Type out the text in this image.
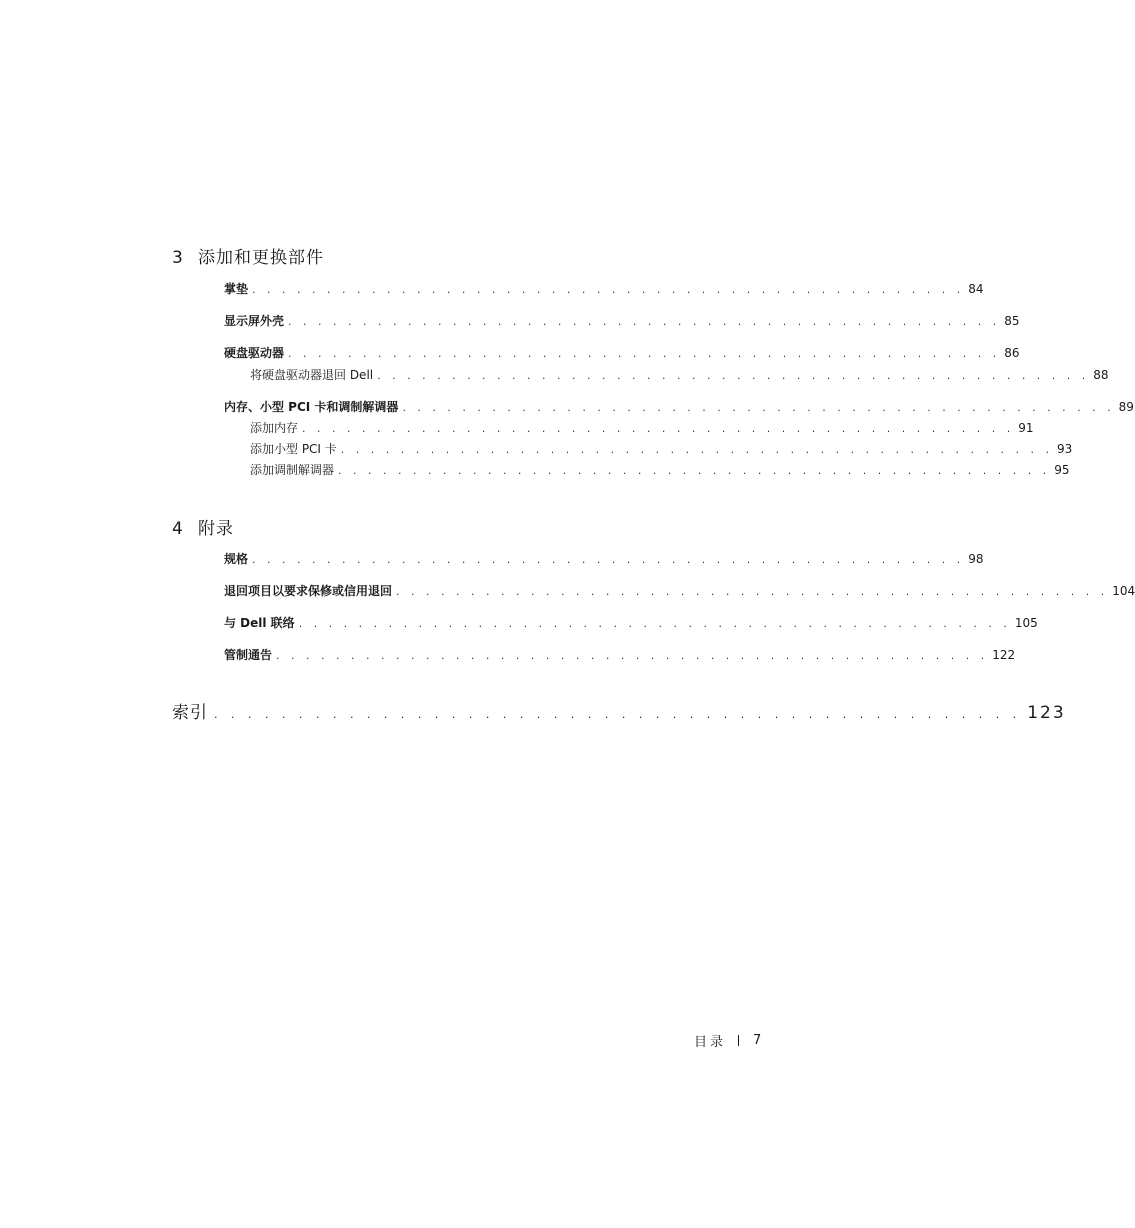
3 添加和更换部件
掌垫 . . . . . . . . . . . . . . . . . . . . . . . . . . . . . . . . . . . . . . . . . . . . . . . . 84
显示屏外壳 . . . . . . . . . . . . . . . . . . . . . . . . . . . . . . . . . . . . . . . . . . . . . . . . 85
硬盘驱动器 . . . . . . . . . . . . . . . . . . . . . . . . . . . . . . . . . . . . . . . . . . . . . . . . 86
将硬盘驱动器退回 Dell . . . . . . . . . . . . . . . . . . . . . . . . . . . . . . . . . . . . . . . . . . . . . . . . 88
内存、小型 PCI 卡和调制解调器 . . . . . . . . . . . . . . . . . . . . . . . . . . . . . . . . . . . . . . . . . . . . . . . . 89
添加内存 . . . . . . . . . . . . . . . . . . . . . . . . . . . . . . . . . . . . . . . . . . . . . . . . 91
添加小型 PCI 卡 . . . . . . . . . . . . . . . . . . . . . . . . . . . . . . . . . . . . . . . . . . . . . . . . 93
添加调制解调器 . . . . . . . . . . . . . . . . . . . . . . . . . . . . . . . . . . . . . . . . . . . . . . . . 95
4 附录
规格 . . . . . . . . . . . . . . . . . . . . . . . . . . . . . . . . . . . . . . . . . . . . . . . . 98
退回项目以要求保修或信用退回 . . . . . . . . . . . . . . . . . . . . . . . . . . . . . . . . . . . . . . . . . . . . . . . . 104
与 Dell 联络 . . . . . . . . . . . . . . . . . . . . . . . . . . . . . . . . . . . . . . . . . . . . . . . . 105
管制通告 . . . . . . . . . . . . . . . . . . . . . . . . . . . . . . . . . . . . . . . . . . . . . . . . 122
索引 . . . . . . . . . . . . . . . . . . . . . . . . . . . . . . . . . . . . . . . . . . . . . . . . 123
目录 7
